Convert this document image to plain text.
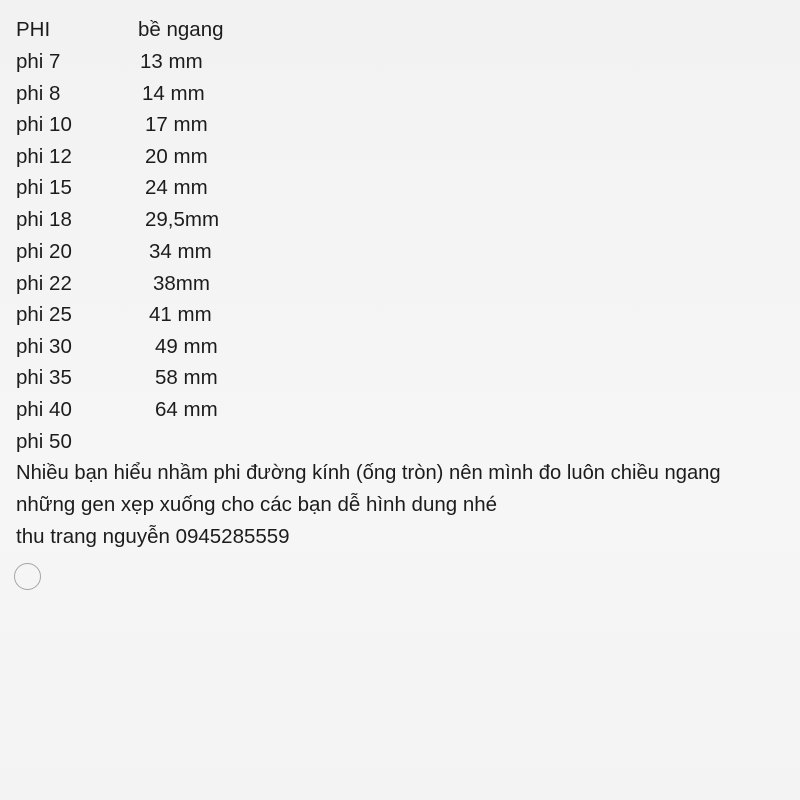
PHI	bề ngang
phi 7	13 mm
phi 8	14 mm
phi 10	17 mm
phi 12	20 mm
phi 15	24 mm
phi 18	29,5mm
phi 20	34 mm
phi 22	38mm
phi 25	41 mm
phi 30	49 mm
phi 35	58 mm
phi 40	64 mm
phi 50
Nhiều bạn hiểu nhầm phi đường kính (ống tròn) nên mình đo luôn chiều ngang
những gen xẹp xuống cho các bạn dễ hình dung nhé
thu trang nguyễn 0945285559
